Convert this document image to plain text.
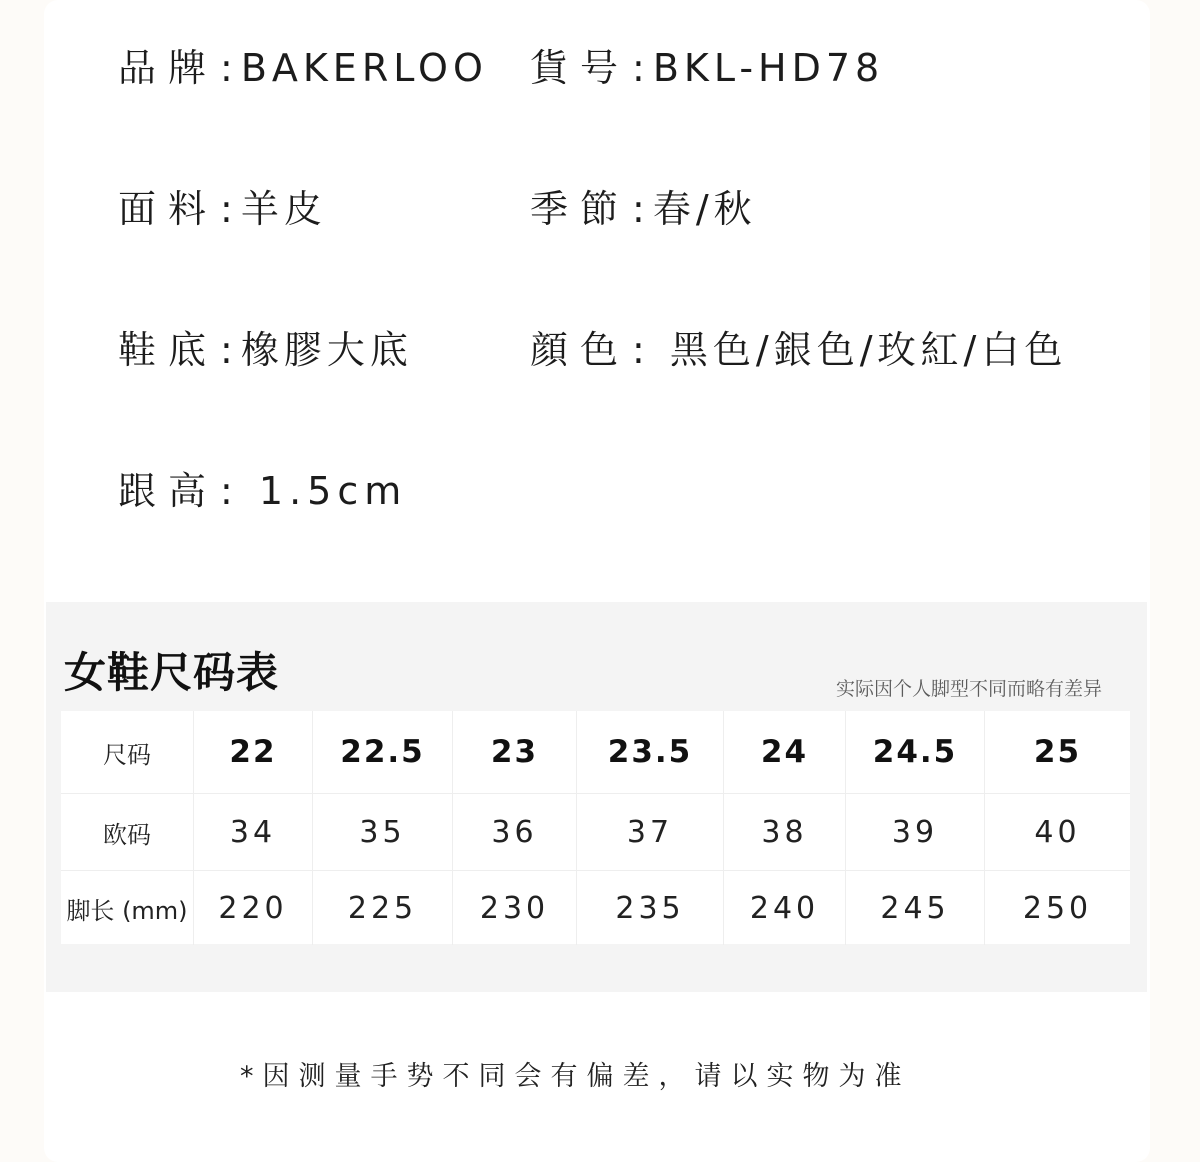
品牌: BAKERLOO 貨号: BKL-HD78
面料: 羊皮	季節: 春/秋
鞋底: 橡膠大底	顔色: 黑色/銀色/玫紅/白色
跟高: 1.5cm
女鞋尺码表	实际因个人脚型不同而略有差异
尺码	22	22.5	23	23.5	24	24.5	25
欧码	34	35	36	37	38	39	40
脚长 (mm)	220	225	230	235	240	245	250
*因测量手势不同会有偏差，请以实物为准
